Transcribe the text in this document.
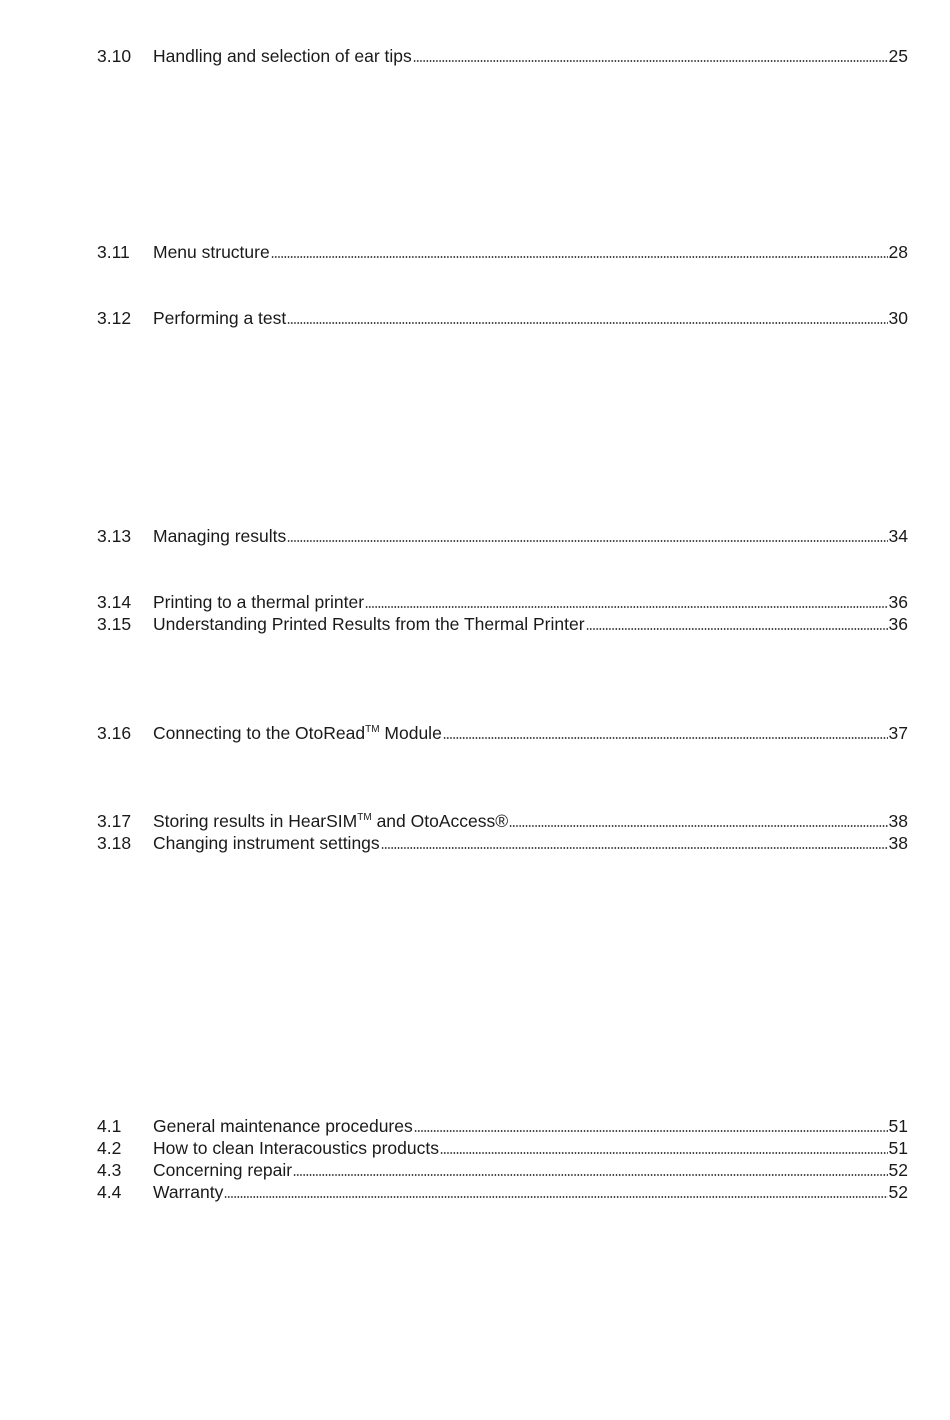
3.10	Handling and selection of ear tips	25
3.11	Menu structure	28
3.12	Performing a test	30
3.13	Managing results	34
3.14	Printing to a thermal printer	36
3.15	Understanding Printed Results from the Thermal Printer	36
3.16	Connecting to the OtoRead™ Module	37
3.17	Storing results in HearSIM™ and OtoAccess®	38
3.18	Changing instrument settings	38
4.1	General maintenance procedures	51
4.2	How to clean Interacoustics products	51
4.3	Concerning repair	52
4.4	Warranty	52
